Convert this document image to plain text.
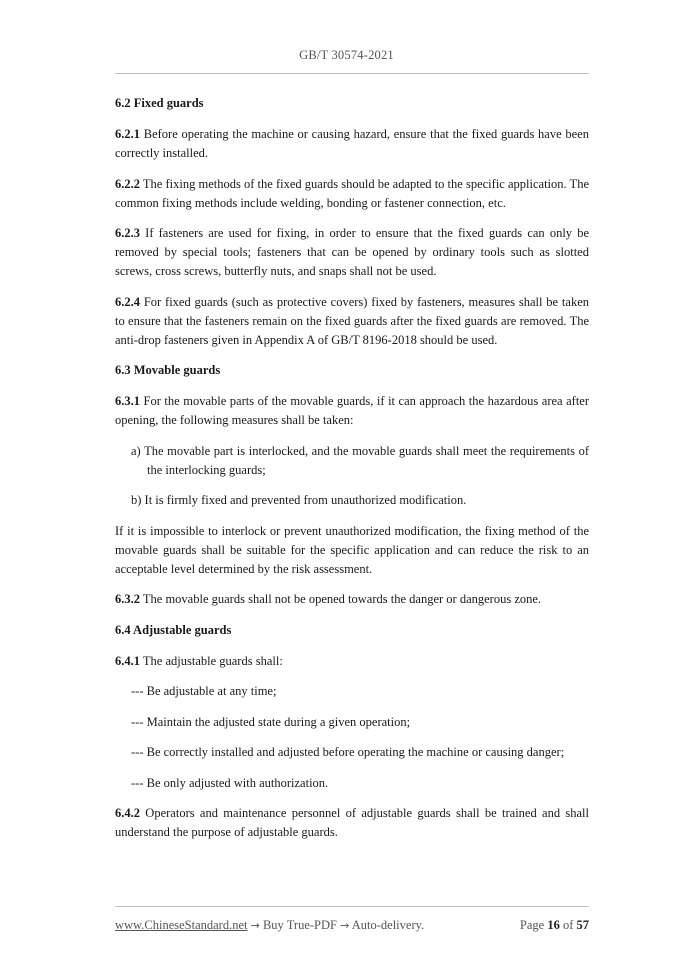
GB/T 30574-2021

6.2 Fixed guards

6.2.1 Before operating the machine or causing hazard, ensure that the fixed guards have been correctly installed.

6.2.2 The fixing methods of the fixed guards should be adapted to the specific application. The common fixing methods include welding, bonding or fastener connection, etc.

6.2.3 If fasteners are used for fixing, in order to ensure that the fixed guards can only be removed by special tools; fasteners that can be opened by ordinary tools such as slotted screws, cross screws, butterfly nuts, and snaps shall not be used.

6.2.4 For fixed guards (such as protective covers) fixed by fasteners, measures shall be taken to ensure that the fasteners remain on the fixed guards after the fixed guards are removed. The anti-drop fasteners given in Appendix A of GB/T 8196-2018 should be used.

6.3 Movable guards

6.3.1 For the movable parts of the movable guards, if it can approach the hazardous area after opening, the following measures shall be taken:

a) The movable part is interlocked, and the movable guards shall meet the requirements of the interlocking guards;

b) It is firmly fixed and prevented from unauthorized modification.

If it is impossible to interlock or prevent unauthorized modification, the fixing method of the movable guards shall be suitable for the specific application and can reduce the risk to an acceptable level determined by the risk assessment.

6.3.2 The movable guards shall not be opened towards the danger or dangerous zone.

6.4 Adjustable guards

6.4.1 The adjustable guards shall:

--- Be adjustable at any time;

--- Maintain the adjusted state during a given operation;

--- Be correctly installed and adjusted before operating the machine or causing danger;

--- Be only adjusted with authorization.

6.4.2 Operators and maintenance personnel of adjustable guards shall be trained and shall understand the purpose of adjustable guards.

www.ChineseStandard.net → Buy True-PDF → Auto-delivery.	Page 16 of 57
